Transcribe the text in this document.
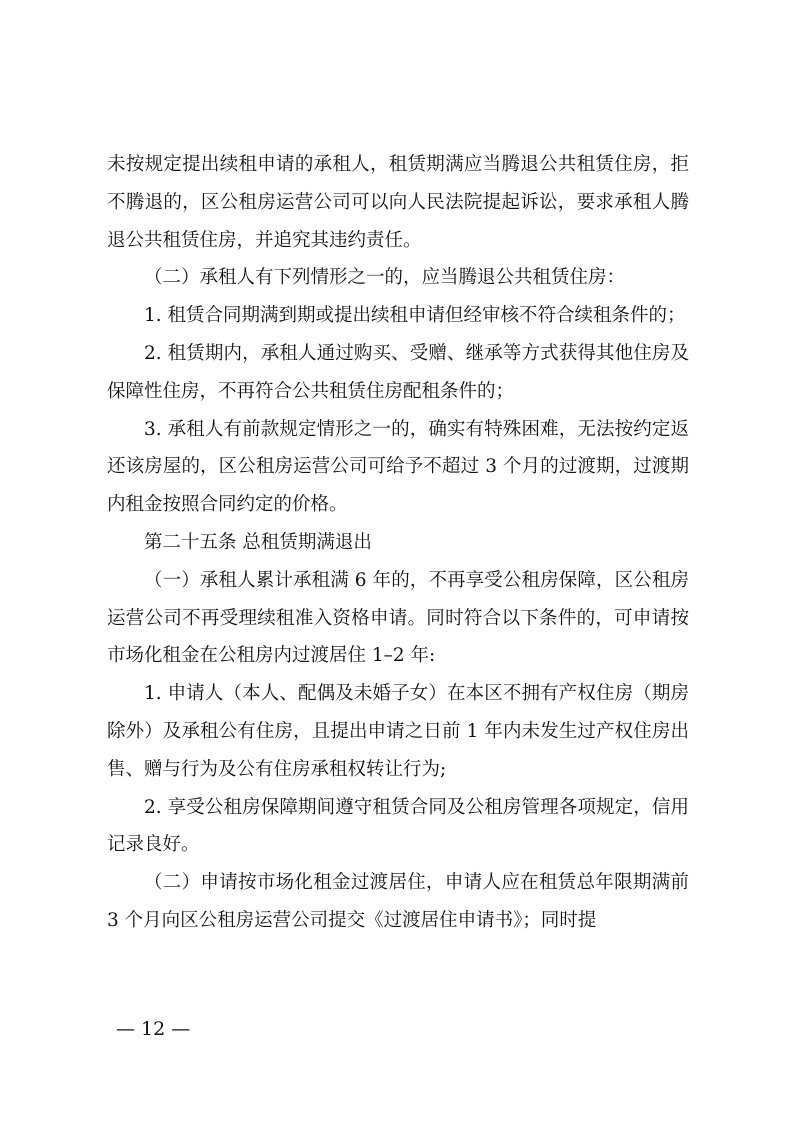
未按规定提出续租申请的承租人，租赁期满应当腾退公共租赁住房，拒不腾退的，区公租房运营公司可以向人民法院提起诉讼，要求承租人腾退公共租赁住房，并追究其违约责任。

（二）承租人有下列情形之一的，应当腾退公共租赁住房：

1. 租赁合同期满到期或提出续租申请但经审核不符合续租条件的；

2. 租赁期内，承租人通过购买、受赠、继承等方式获得其他住房及保障性住房，不再符合公共租赁住房配租条件的；

3. 承租人有前款规定情形之一的，确实有特殊困难，无法按约定返还该房屋的，区公租房运营公司可给予不超过 3 个月的过渡期，过渡期内租金按照合同约定的价格。

第二十五条 总租赁期满退出

（一）承租人累计承租满 6 年的，不再享受公租房保障，区公租房运营公司不再受理续租准入资格申请。同时符合以下条件的，可申请按市场化租金在公租房内过渡居住 1–2 年:

1. 申请人（本人、配偶及未婚子女）在本区不拥有产权住房（期房除外）及承租公有住房，且提出申请之日前 1 年内未发生过产权住房出售、赠与行为及公有住房承租权转让行为;

2. 享受公租房保障期间遵守租赁合同及公租房管理各项规定，信用记录良好。

（二）申请按市场化租金过渡居住，申请人应在租赁总年限期满前 3 个月向区公租房运营公司提交《过渡居住申请书》；同时提

— 12 —
